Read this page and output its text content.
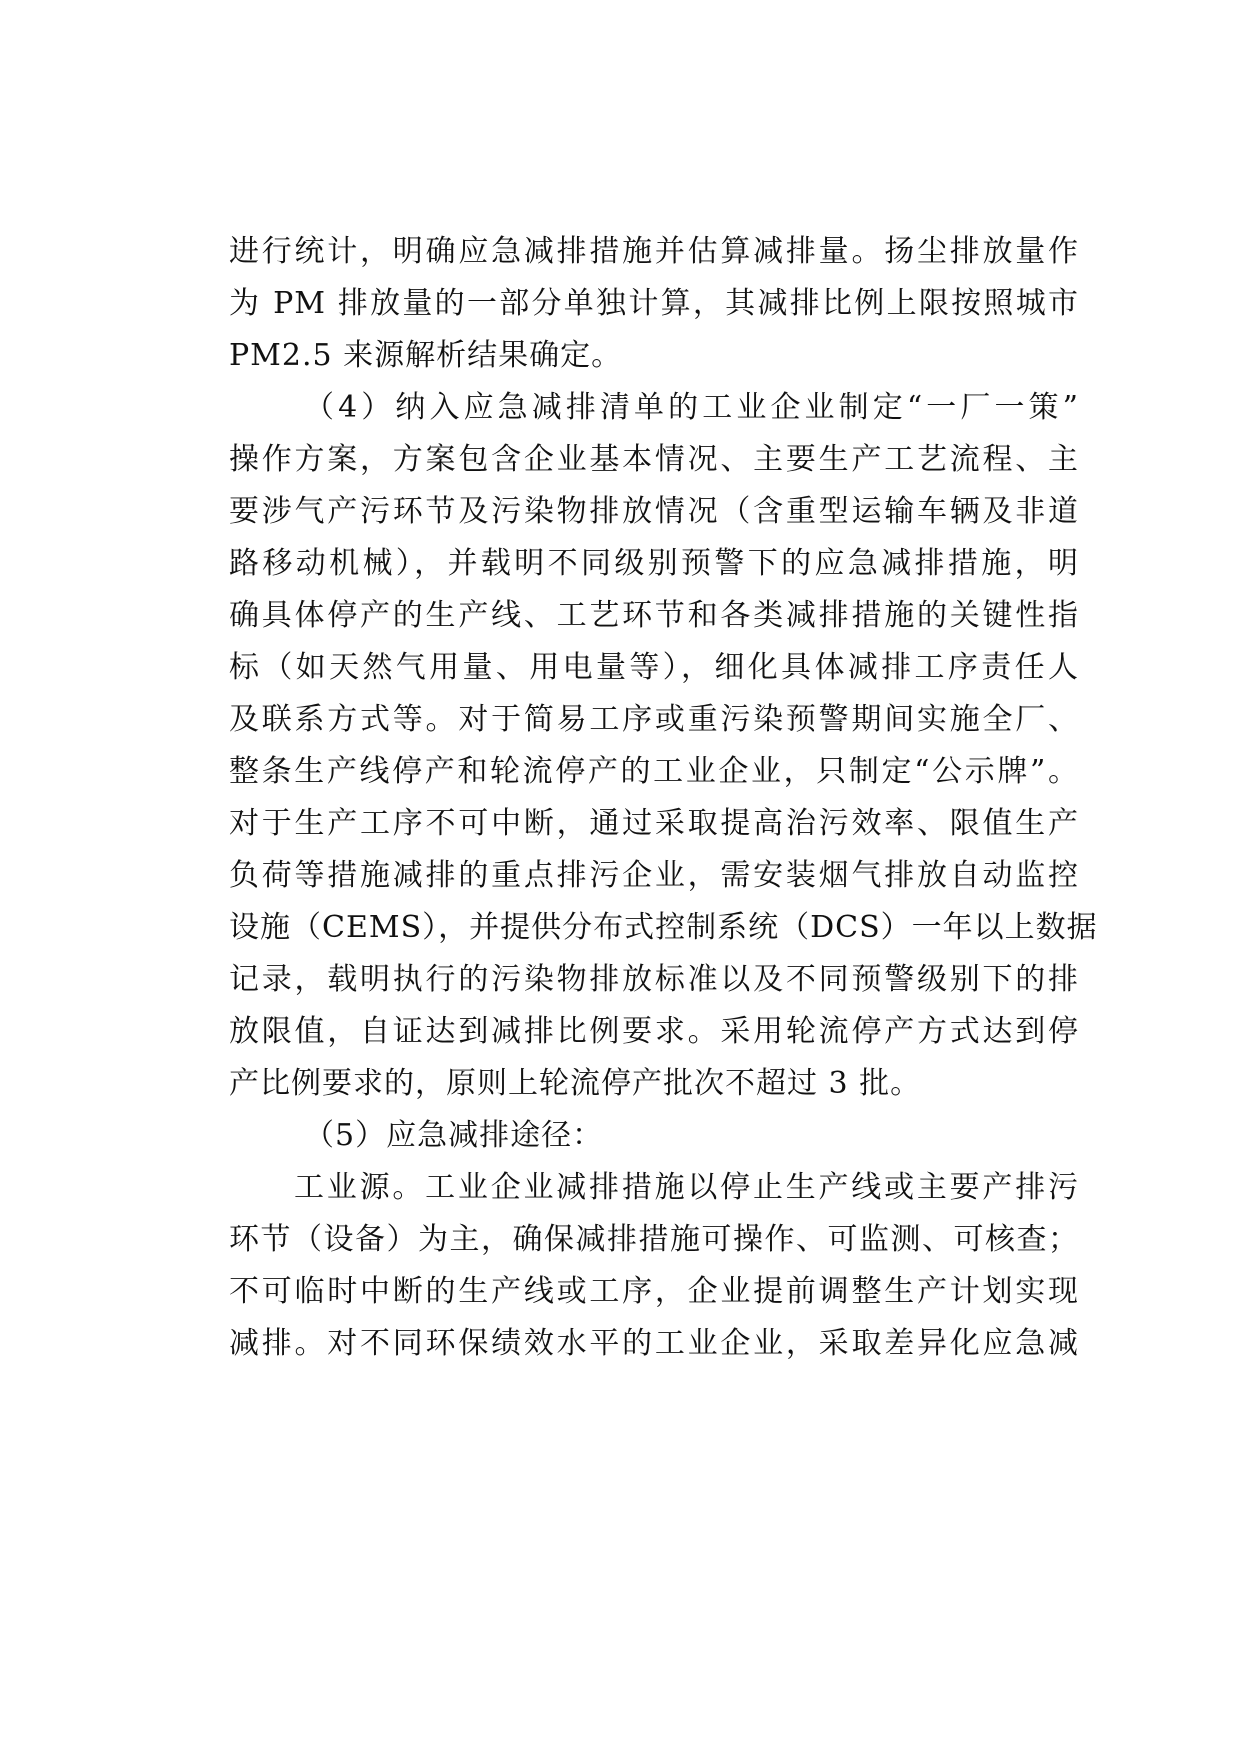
进行统计，明确应急减排措施并估算减排量。扬尘排放量作
为 PM 排放量的一部分单独计算，其减排比例上限按照城市
PM2.5 来源解析结果确定。
（4）纳入应急减排清单的工业企业制定“一厂一策”
操作方案，方案包含企业基本情况、主要生产工艺流程、主
要涉气产污环节及污染物排放情况（含重型运输车辆及非道
路移动机械），并载明不同级别预警下的应急减排措施，明
确具体停产的生产线、工艺环节和各类减排措施的关键性指
标（如天然气用量、用电量等），细化具体减排工序责任人
及联系方式等。对于简易工序或重污染预警期间实施全厂、
整条生产线停产和轮流停产的工业企业，只制定“公示牌”。
对于生产工序不可中断，通过采取提高治污效率、限值生产
负荷等措施减排的重点排污企业，需安装烟气排放自动监控
设施（CEMS），并提供分布式控制系统（DCS）一年以上数据
记录，载明执行的污染物排放标准以及不同预警级别下的排
放限值，自证达到减排比例要求。采用轮流停产方式达到停
产比例要求的，原则上轮流停产批次不超过 3 批。
（5）应急减排途径：
工业源。工业企业减排措施以停止生产线或主要产排污
环节（设备）为主，确保减排措施可操作、可监测、可核查；
不可临时中断的生产线或工序，企业提前调整生产计划实现
减排。对不同环保绩效水平的工业企业，采取差异化应急减
